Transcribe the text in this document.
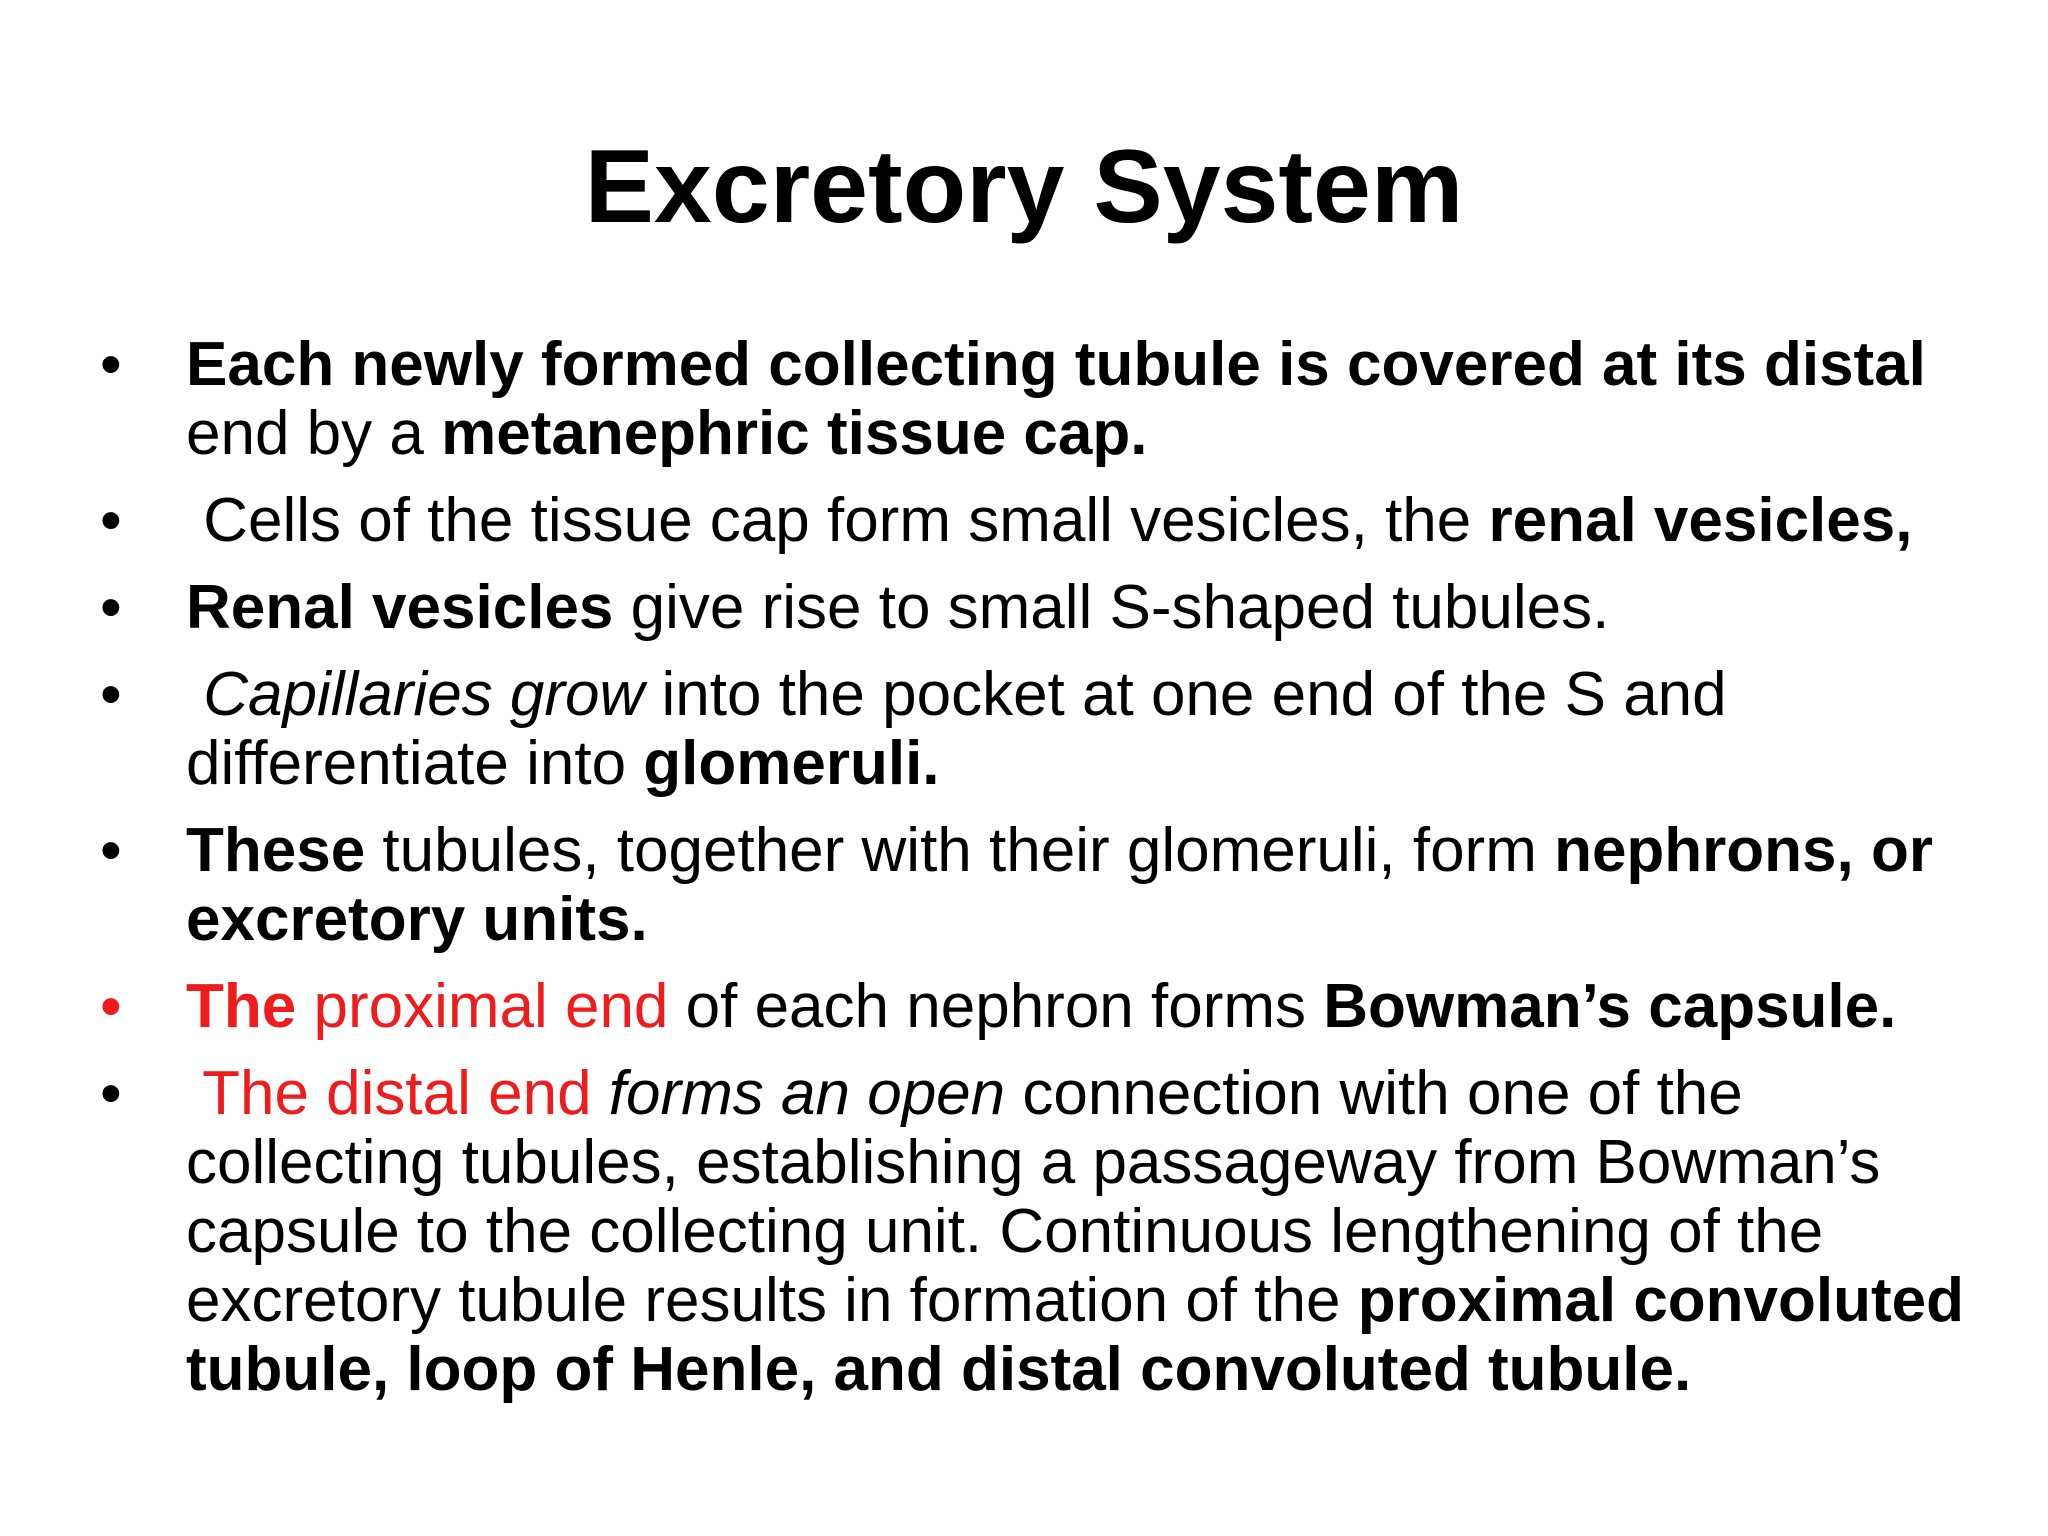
Excretory System
•	Each newly formed collecting tubule is covered at its distal end by a metanephric tissue cap.
•	Cells of the tissue cap form small vesicles, the renal vesicles,
•	Renal vesicles give rise to small S-shaped tubules.
•	Capillaries grow into the pocket at one end of the S and differentiate into glomeruli.
•	These tubules, together with their glomeruli, form nephrons, or excretory units.
•	The proximal end of each nephron forms Bowman’s capsule.
•	The distal end forms an open connection with one of the collecting tubules, establishing a passageway from Bowman’s capsule to the collecting unit. Continuous lengthening of the excretory tubule results in formation of the proximal convoluted tubule, loop of Henle, and distal convoluted tubule.
